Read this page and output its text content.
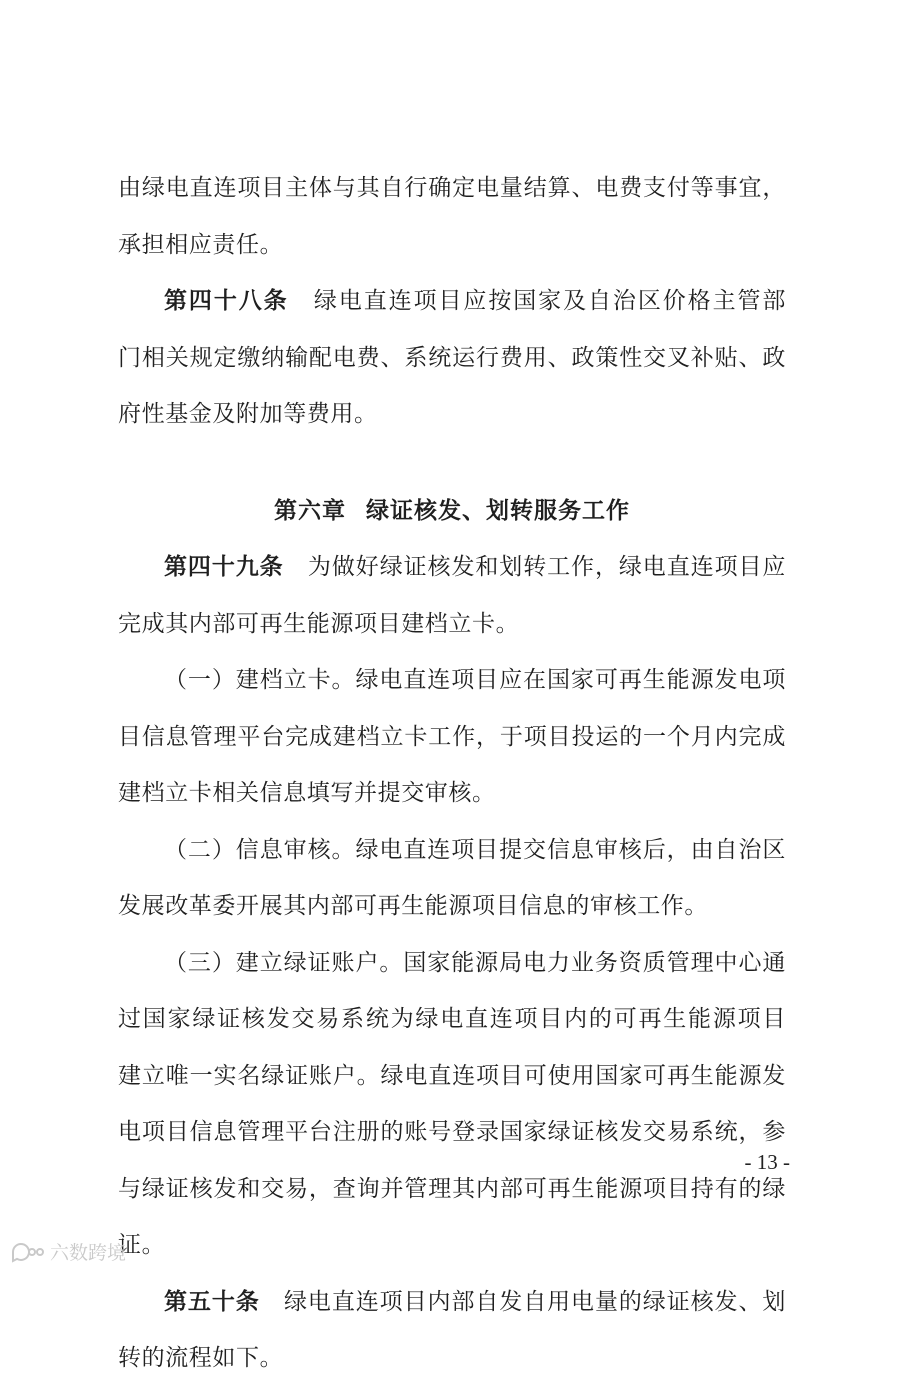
由绿电直连项目主体与其自行确定电量结算、电费支付等事宜，
承担相应责任。
第四十八条 绿电直连项目应按国家及自治区价格主管部
门相关规定缴纳输配电费、系统运行费用、政策性交叉补贴、政
府性基金及附加等费用。
第六章 绿证核发、划转服务工作
第四十九条 为做好绿证核发和划转工作，绿电直连项目应
完成其内部可再生能源项目建档立卡。
（一）建档立卡。绿电直连项目应在国家可再生能源发电项
目信息管理平台完成建档立卡工作，于项目投运的一个月内完成
建档立卡相关信息填写并提交审核。
（二）信息审核。绿电直连项目提交信息审核后，由自治区
发展改革委开展其内部可再生能源项目信息的审核工作。
（三）建立绿证账户。国家能源局电力业务资质管理中心通
过国家绿证核发交易系统为绿电直连项目内的可再生能源项目
建立唯一实名绿证账户。绿电直连项目可使用国家可再生能源发
电项目信息管理平台注册的账号登录国家绿证核发交易系统，参
与绿证核发和交易，查询并管理其内部可再生能源项目持有的绿
证。
第五十条 绿电直连项目内部自发自用电量的绿证核发、划
转的流程如下。
- 13 -
六数跨境
